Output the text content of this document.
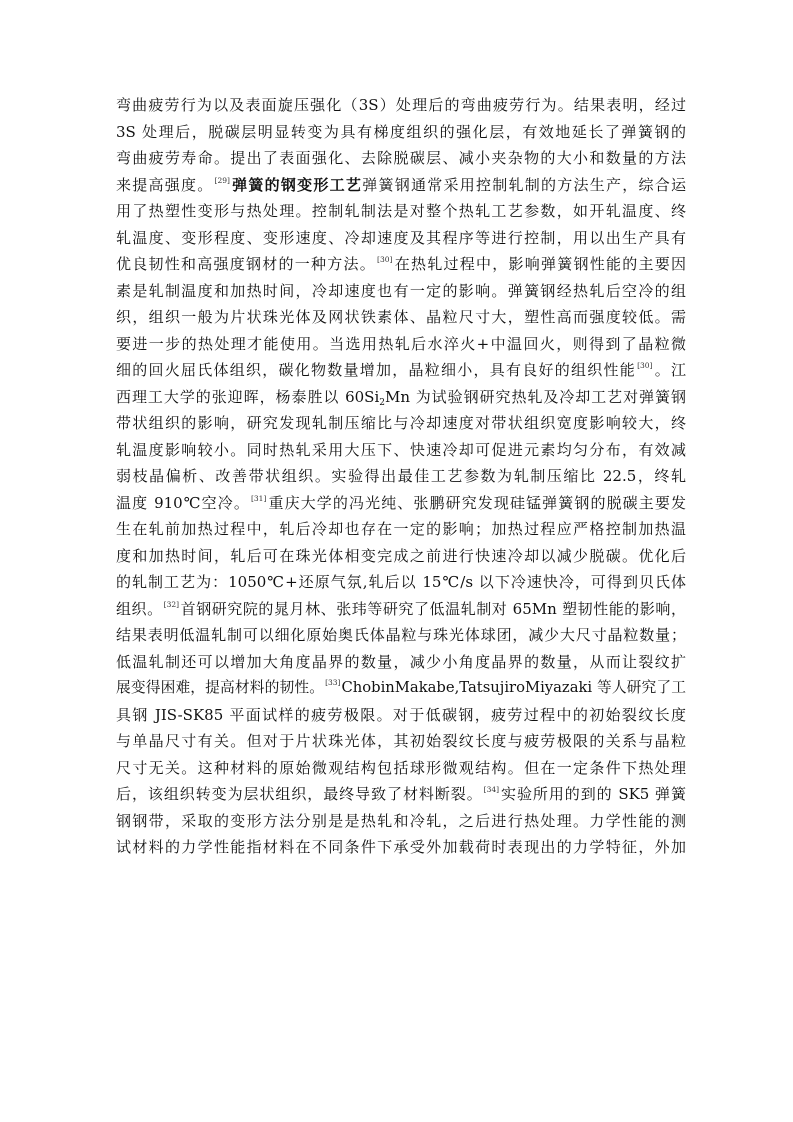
弯曲疲劳行为以及表面旋压强化（3S）处理后的弯曲疲劳行为。结果表明，经过
3S 处理后，脱碳层明显转变为具有梯度组织的强化层，有效地延长了弹簧钢的
弯曲疲劳寿命。提出了表面强化、去除脱碳层、减小夹杂物的大小和数量的方法
来提高强度。[29]弹簧的钢变形工艺弹簧钢通常采用控制轧制的方法生产，综合运
用了热塑性变形与热处理。控制轧制法是对整个热轧工艺参数，如开轧温度、终
轧温度、变形程度、变形速度、冷却速度及其程序等进行控制，用以出生产具有
优良韧性和高强度钢材的一种方法。[30]在热轧过程中，影响弹簧钢性能的主要因
素是轧制温度和加热时间，冷却速度也有一定的影响。弹簧钢经热轧后空冷的组
织，组织一般为片状珠光体及网状铁素体、晶粒尺寸大，塑性高而强度较低。需
要进一步的热处理才能使用。当选用热轧后水淬火+中温回火，则得到了晶粒微
细的回火屈氏体组织，碳化物数量增加，晶粒细小，具有良好的组织性能[30]。江
西理工大学的张迎晖，杨泰胜以 $60Si_2Mn$ 为试验钢研究热轧及冷却工艺对弹簧钢
带状组织的影响，研究发现轧制压缩比与冷却速度对带状组织宽度影响较大，终
轧温度影响较小。同时热轧采用大压下、快速冷却可促进元素均匀分布，有效减
弱枝晶偏析、改善带状组织。实验得出最佳工艺参数为轧制压缩比 22.5，终轧
温度 910℃空冷。[31]重庆大学的冯光纯、张鹏研究发现硅锰弹簧钢的脱碳主要发
生在轧前加热过程中，轧后冷却也存在一定的影响；加热过程应严格控制加热温
度和加热时间，轧后可在珠光体相变完成之前进行快速冷却以减少脱碳。优化后
的轧制工艺为：1050℃+还原气氛,轧后以 15℃/s 以下冷速快冷，可得到贝氏体
组织。[32]首钢研究院的晁月林、张玮等研究了低温轧制对 65Mn 塑韧性能的影响，
结果表明低温轧制可以细化原始奥氏体晶粒与珠光体球团，减少大尺寸晶粒数量；
低温轧制还可以增加大角度晶界的数量，减少小角度晶界的数量，从而让裂纹扩
展变得困难，提高材料的韧性。[33]ChobinMakabe,TatsujiroMiyazaki 等人研究了工
具钢 JIS-SK85 平面试样的疲劳极限。对于低碳钢，疲劳过程中的初始裂纹长度
与单晶尺寸有关。但对于片状珠光体，其初始裂纹长度与疲劳极限的关系与晶粒
尺寸无关。这种材料的原始微观结构包括球形微观结构。但在一定条件下热处理
后，该组织转变为层状组织，最终导致了材料断裂。[34]实验所用的到的 SK5 弹簧
钢钢带，采取的变形方法分别是是热轧和冷轧，之后进行热处理。力学性能的测
试材料的力学性能指材料在不同条件下承受外加载荷时表现出的力学特征，外加
